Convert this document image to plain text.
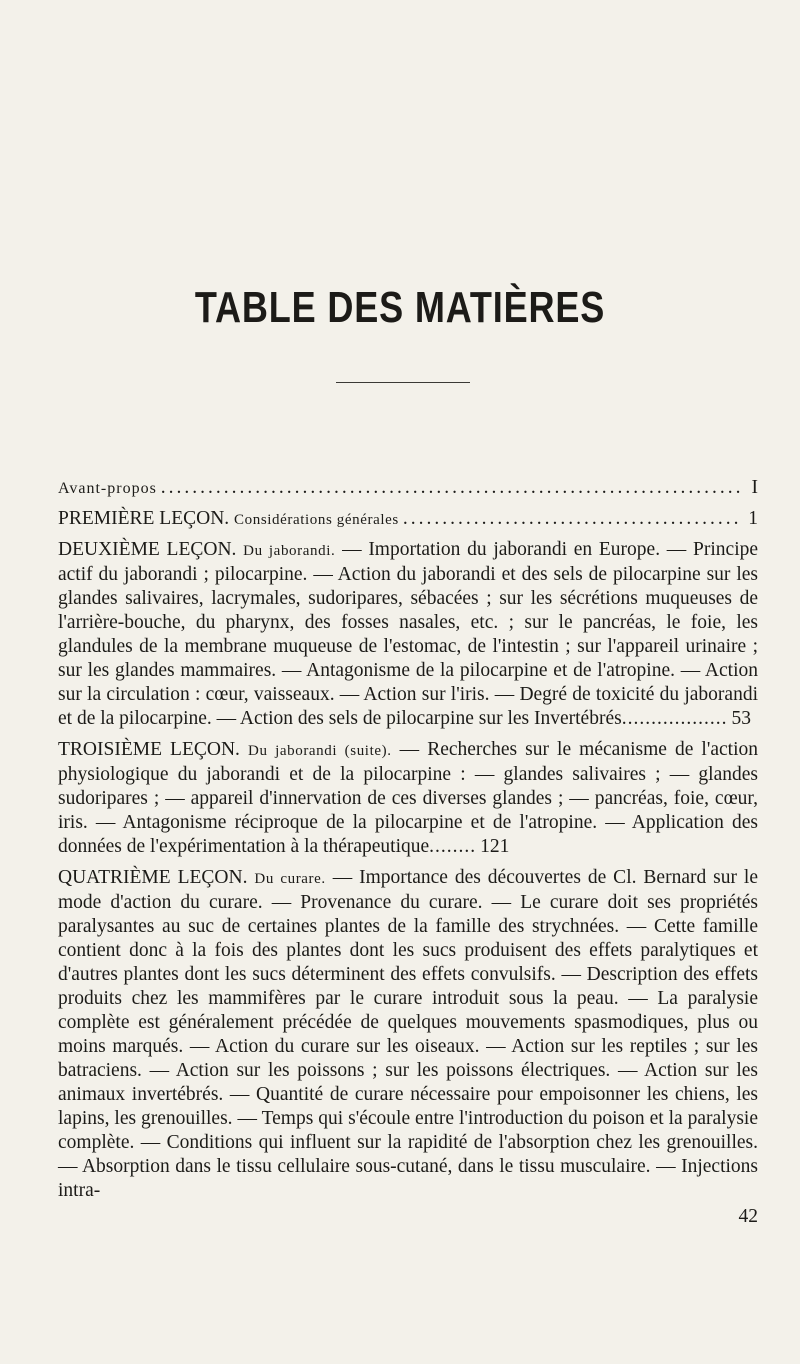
TABLE DES MATIÈRES
Avant-propos .....	I
PREMIÈRE LEÇON. Considérations générales .....	1
DEUXIÈME LEÇON. Du jaborandi. — Importation du jaborandi en Europe. — Principe actif du jaborandi ; pilocarpine. — Action du jaborandi et des sels de pilocarpine sur les glandes salivaires, lacrymales, sudoripares, sébacées ; sur les sécrétions muqueuses de l'arrière-bouche, du pharynx, des fosses nasales, etc. ; sur le pancréas, le foie, les glandules de la membrane muqueuse de l'estomac, de l'intestin ; sur l'appareil urinaire ; sur les glandes mammaires. — Antagonisme de la pilocarpine et de l'atropine. — Action sur la circulation : cœur, vaisseaux. — Action sur l'iris. — Degré de toxicité du jaborandi et de la pilocarpine. — Action des sels de pilocarpine sur les Invertébrés.................. 53
TROISIÈME LEÇON. Du jaborandi (suite). — Recherches sur le mécanisme de l'action physiologique du jaborandi et de la pilocarpine : — glandes salivaires ; — glandes sudoripares ; — appareil d'innervation de ces diverses glandes ; — pancréas, foie, cœur, iris. — Antagonisme réciproque de la pilocarpine et de l'atropine. — Application des données de l'expérimentation à la thérapeutique........ 121
QUATRIÈME LEÇON. Du curare. — Importance des découvertes de Cl. Bernard sur le mode d'action du curare. — Provenance du curare. — Le curare doit ses propriétés paralysantes au suc de certaines plantes de la famille des strychnées. — Cette famille contient donc à la fois des plantes dont les sucs produisent des effets paralytiques et d'autres plantes dont les sucs déterminent des effets convulsifs. — Description des effets produits chez les mammifères par le curare introduit sous la peau. — La paralysie complète est généralement précédée de quelques mouvements spasmodiques, plus ou moins marqués. — Action du curare sur les oiseaux. — Action sur les reptiles ; sur les batraciens. — Action sur les poissons ; sur les poissons électriques. — Action sur les animaux invertébrés. — Quantité de curare nécessaire pour empoisonner les chiens, les lapins, les grenouilles. — Temps qui s'écoule entre l'introduction du poison et la paralysie complète. — Conditions qui influent sur la rapidité de l'absorption chez les grenouilles. — Absorption dans le tissu cellulaire sous-cutané, dans le tissu musculaire. — Injections intra-
42
